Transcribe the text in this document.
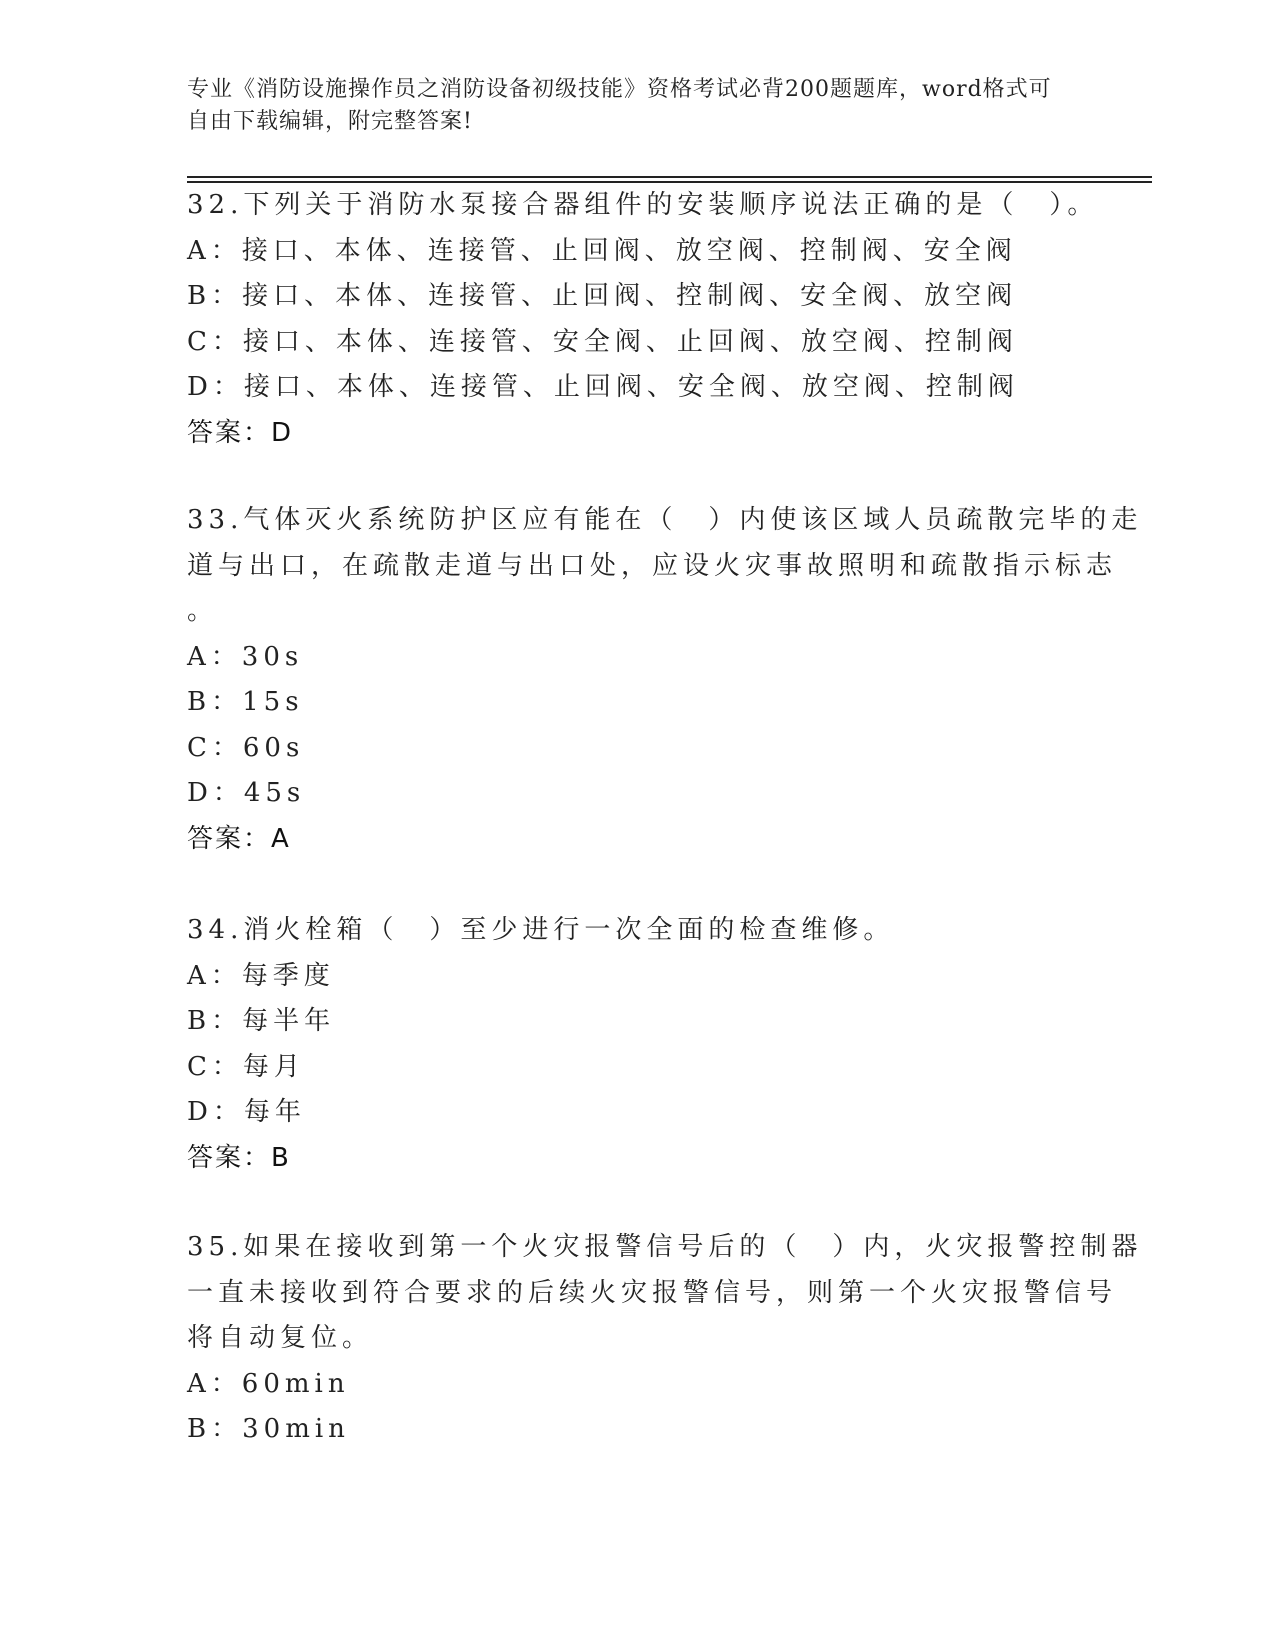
专业《消防设施操作员之消防设备初级技能》资格考试必背200题题库，word格式可自由下载编辑，附完整答案!
32.下列关于消防水泵接合器组件的安装顺序说法正确的是（　）。
A：接口、本体、连接管、止回阀、放空阀、控制阀、安全阀
B：接口、本体、连接管、止回阀、控制阀、安全阀、放空阀
C：接口、本体、连接管、安全阀、止回阀、放空阀、控制阀
D：接口、本体、连接管、止回阀、安全阀、放空阀、控制阀
答案：D
33.气体灭火系统防护区应有能在（　）内使该区域人员疏散完毕的走
道与出口，在疏散走道与出口处，应设火灾事故照明和疏散指示标志
。
A：30s
B：15s
C：60s
D：45s
答案：A
34.消火栓箱（　）至少进行一次全面的检查维修。
A：每季度
B：每半年
C：每月
D：每年
答案：B
35.如果在接收到第一个火灾报警信号后的（　）内，火灾报警控制器
一直未接收到符合要求的后续火灾报警信号，则第一个火灾报警信号
将自动复位。
A：60min
B：30min
